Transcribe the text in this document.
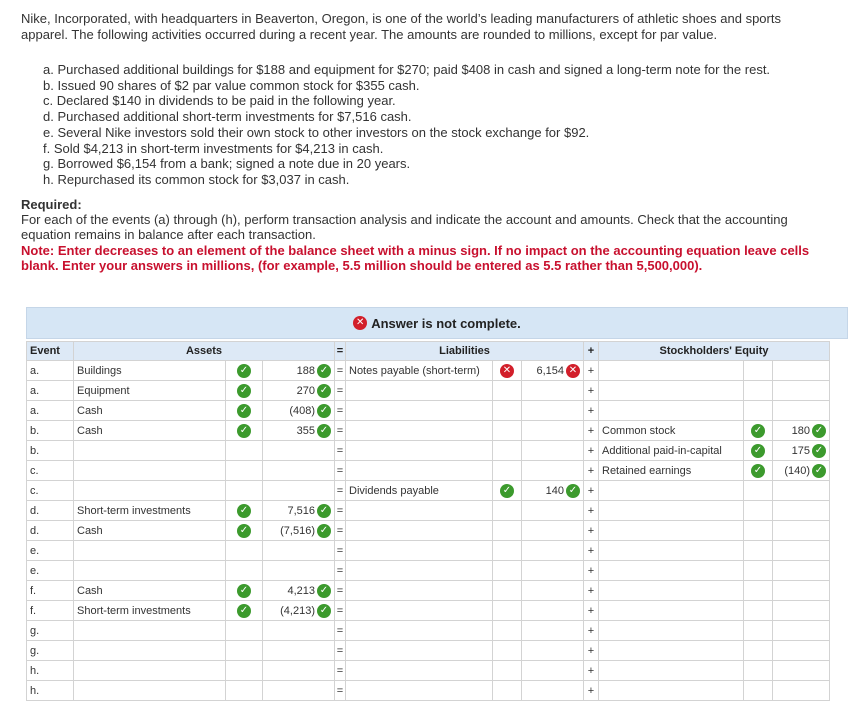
Nike, Incorporated, with headquarters in Beaverton, Oregon, is one of the world’s leading manufacturers of athletic shoes and sports apparel. The following activities occurred during a recent year. The amounts are rounded to millions, except for par value.
a. Purchased additional buildings for $188 and equipment for $270; paid $408 in cash and signed a long-term note for the rest.
b. Issued 90 shares of $2 par value common stock for $355 cash.
c. Declared $140 in dividends to be paid in the following year.
d. Purchased additional short-term investments for $7,516 cash.
e. Several Nike investors sold their own stock to other investors on the stock exchange for $92.
f. Sold $4,213 in short-term investments for $4,213 in cash.
g. Borrowed $6,154 from a bank; signed a note due in 20 years.
h. Repurchased its common stock for $3,037 in cash.
Required:
For each of the events (a) through (h), perform transaction analysis and indicate the account and amounts. Check that the accounting equation remains in balance after each transaction.
Note: Enter decreases to an element of the balance sheet with a minus sign. If no impact on the accounting equation leave cells blank. Enter your answers in millions, (for example, 5.5 million should be entered as 5.5 rather than 5,500,000).
✕ Answer is not complete.
Event	Assets			=	Liabilities			+	Stockholders' Equity		
a.	Buildings	✓	188 ✓	=	Notes payable (short-term)	✕	6,154 ✕	+			

a.	Equipment	✓	270 ✓	=				+			

a.	Cash	✓	(408) ✓	=				+			

b.	Cash	✓	355 ✓	=				+	Common stock	✓	180 ✓

b.				=				+	Additional paid-in-capital	✓	175 ✓

c.				=				+	Retained earnings	✓	(140) ✓

c.				=	Dividends payable	✓	140 ✓	+			

d.	Short-term investments	✓	7,516 ✓	=				+			

d.	Cash	✓	(7,516) ✓	=				+			

e.				=				+			

e.				=				+			

f.	Cash	✓	4,213 ✓	=				+			

f.	Short-term investments	✓	(4,213) ✓	=				+			

g.				=				+			

g.				=				+			

h.				=				+			

h.				=				+			
